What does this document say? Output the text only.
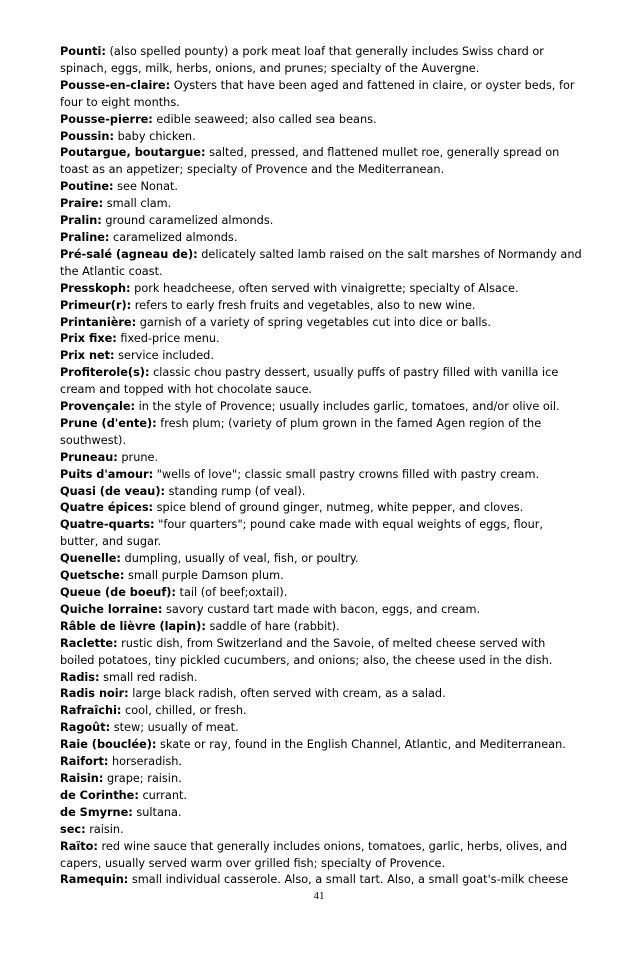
Pounti: (also spelled pounty) a pork meat loaf that generally includes Swiss chard or spinach, eggs, milk, herbs, onions, and prunes; specialty of the Auvergne.

Pousse-en-claire: Oysters that have been aged and fattened in claire, or oyster beds, for four to eight months.

Pousse-pierre: edible seaweed; also called sea beans.

Poussin: baby chicken.

Poutargue, boutargue: salted, pressed, and flattened mullet roe, generally spread on toast as an appetizer; specialty of Provence and the Mediterranean.

Poutine: see Nonat.

Praire: small clam.

Pralin: ground caramelized almonds.

Praline: caramelized almonds.

Pré-salé (agneau de): delicately salted lamb raised on the salt marshes of Normandy and the Atlantic coast.

Presskoph: pork headcheese, often served with vinaigrette; specialty of Alsace.

Primeur(r): refers to early fresh fruits and vegetables, also to new wine.

Printanière: garnish of a variety of spring vegetables cut into dice or balls.

Prix fixe: fixed-price menu.

Prix net: service included.

Profiterole(s): classic chou pastry dessert, usually puffs of pastry filled with vanilla ice cream and topped with hot chocolate sauce.

Provençale: in the style of Provence; usually includes garlic, tomatoes, and/or olive oil.

Prune (d'ente): fresh plum; (variety of plum grown in the famed Agen region of the southwest).

Pruneau: prune.

Puits d'amour: "wells of love"; classic small pastry crowns filled with pastry cream.

Quasi (de veau): standing rump (of veal).

Quatre épices: spice blend of ground ginger, nutmeg, white pepper, and cloves.

Quatre-quarts: "four quarters"; pound cake made with equal weights of eggs, flour, butter, and sugar.

Quenelle: dumpling, usually of veal, fish, or poultry.

Quetsche: small purple Damson plum.

Queue (de boeuf): tail (of beef;oxtail).

Quiche lorraine: savory custard tart made with bacon, eggs, and cream.

Râble de lièvre (lapin): saddle of hare (rabbit).

Raclette: rustic dish, from Switzerland and the Savoie, of melted cheese served with boiled potatoes, tiny pickled cucumbers, and onions; also, the cheese used in the dish.

Radis: small red radish.

Radis noir: large black radish, often served with cream, as a salad.

Rafraîchi: cool, chilled, or fresh.

Ragoût: stew; usually of meat.

Raie (bouclée): skate or ray, found in the English Channel, Atlantic, and Mediterranean.

Raifort: horseradish.

Raisin: grape; raisin.

de Corinthe: currant.

de Smyrne: sultana.

sec: raisin.

Raïto: red wine sauce that generally includes onions, tomatoes, garlic, herbs, olives, and capers, usually served warm over grilled fish; specialty of Provence.

Ramequin: small individual casserole. Also, a small tart. Also, a small goat's-milk cheese

41
